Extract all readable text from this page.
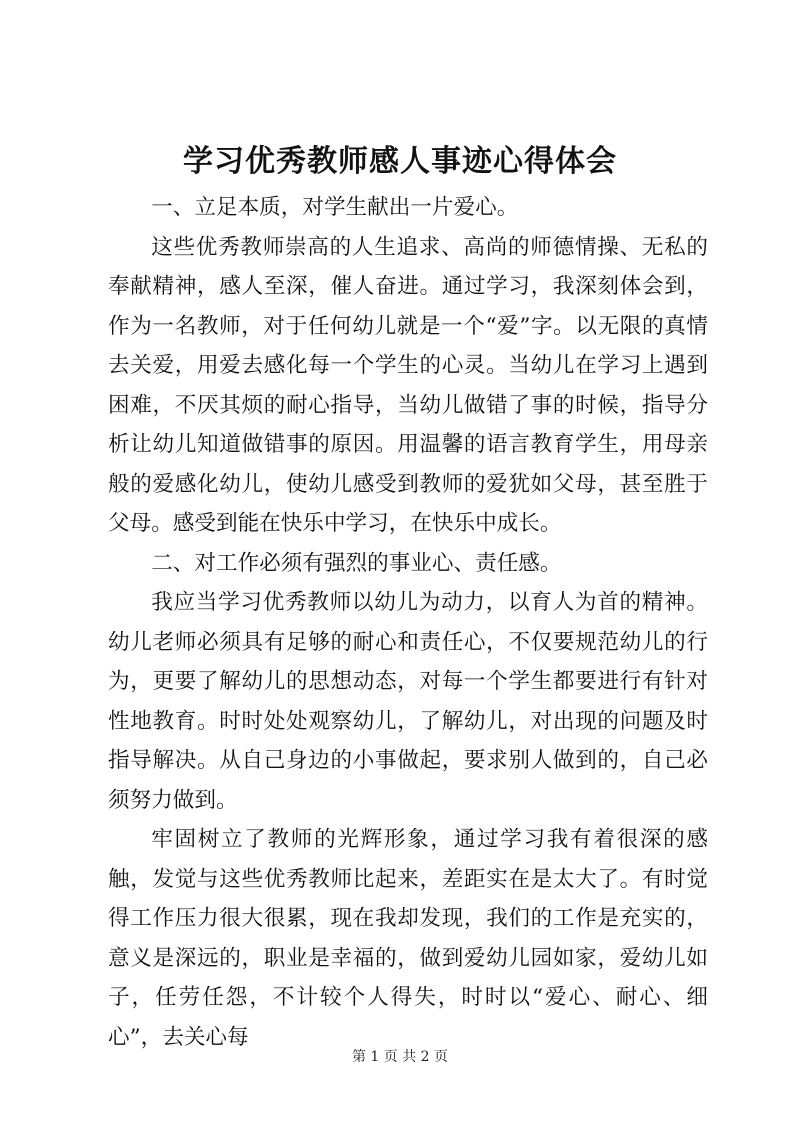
学习优秀教师感人事迹心得体会

一、立足本质，对学生献出一片爱心。

这些优秀教师崇高的人生追求、高尚的师德情操、无私的奉献精神，感人至深，催人奋进。通过学习，我深刻体会到，作为一名教师，对于任何幼儿就是一个“爱”字。以无限的真情去关爱，用爱去感化每一个学生的心灵。当幼儿在学习上遇到困难，不厌其烦的耐心指导，当幼儿做错了事的时候，指导分析让幼儿知道做错事的原因。用温馨的语言教育学生，用母亲般的爱感化幼儿，使幼儿感受到教师的爱犹如父母，甚至胜于父母。感受到能在快乐中学习，在快乐中成长。

二、对工作必须有强烈的事业心、责任感。

我应当学习优秀教师以幼儿为动力，以育人为首的精神。幼儿老师必须具有足够的耐心和责任心，不仅要规范幼儿的行为，更要了解幼儿的思想动态，对每一个学生都要进行有针对性地教育。时时处处观察幼儿，了解幼儿，对出现的问题及时指导解决。从自己身边的小事做起，要求别人做到的，自己必须努力做到。

牢固树立了教师的光辉形象，通过学习我有着很深的感触，发觉与这些优秀教师比起来，差距实在是太大了。有时觉得工作压力很大很累，现在我却发现，我们的工作是充实的，意义是深远的，职业是幸福的，做到爱幼儿园如家，爱幼儿如子，任劳任怨，不计较个人得失，时时以“爱心、耐心、细心”，去关心每

第 1 页 共 2 页
